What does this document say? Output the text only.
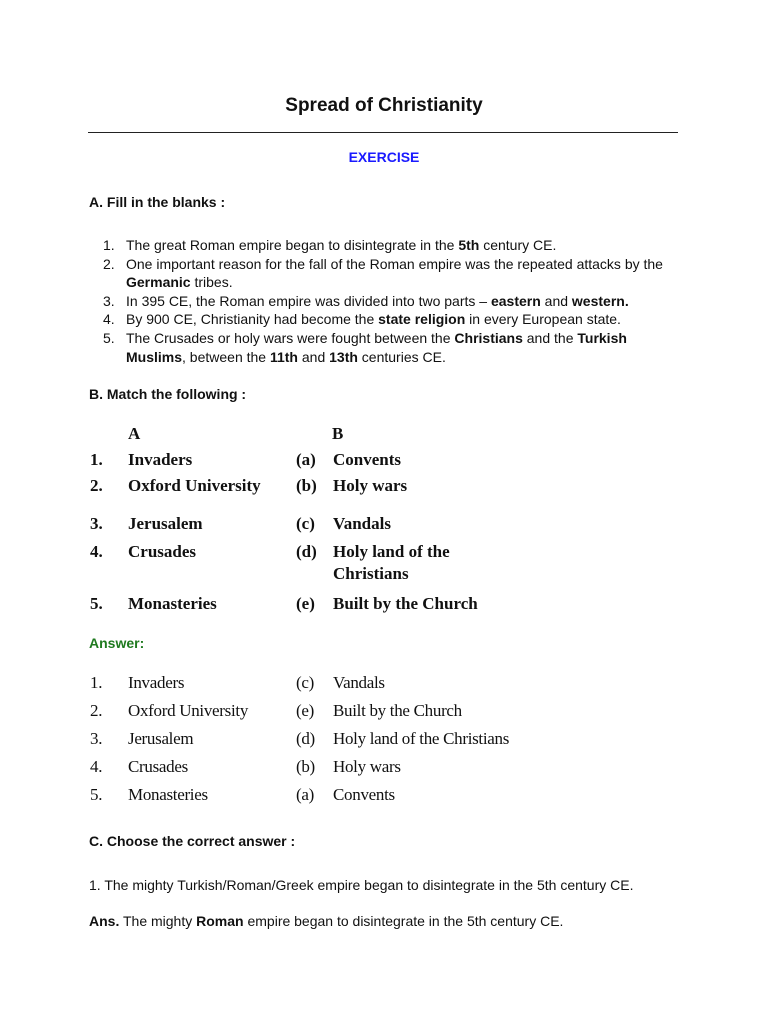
Spread of Christianity
EXERCISE
A. Fill in the blanks :
1. The great Roman empire began to disintegrate in the 5th century CE.
2. One important reason for the fall of the Roman empire was the repeated attacks by the Germanic tribes.
3. In 395 CE, the Roman empire was divided into two parts – eastern and western.
4. By 900 CE, Christianity had become the state religion in every European state.
5. The Crusades or holy wars were fought between the Christians and the Turkish Muslims, between the 11th and 13th centuries CE.
B. Match the following :
A	B
1. Invaders	(a) Convents
2. Oxford University (b) Holy wars
3. Jerusalem	(c) Vandals
4. Crusades	(d) Holy land of the
Christians
5. Monasteries	(e) Built by the Church
Answer:
1. Invaders	(c) Vandals
2. Oxford University	(e) Built by the Church
3. Jerusalem	(d) Holy land of the Christians
4. Crusades	(b) Holy wars
5. Monasteries	(a) Convents
C. Choose the correct answer :
1. The mighty Turkish/Roman/Greek empire began to disintegrate in the 5th century CE.
Ans. The mighty Roman empire began to disintegrate in the 5th century CE.
